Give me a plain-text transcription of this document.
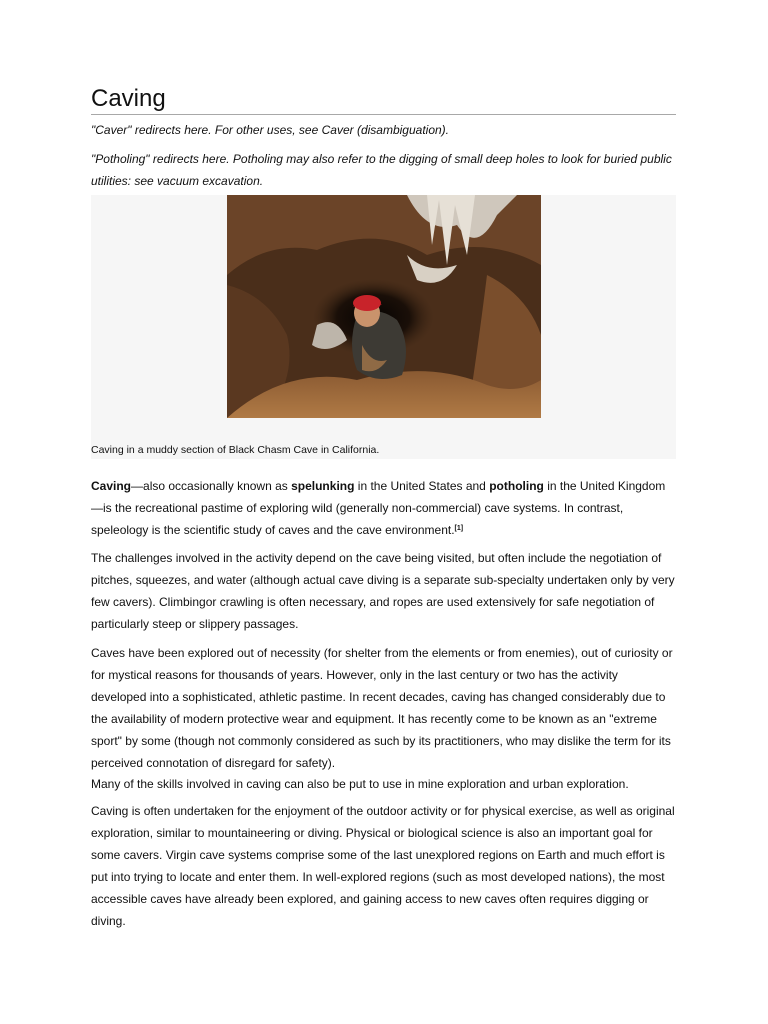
Caving

"Caver" redirects here. For other uses, see Caver (disambiguation).

"Potholing" redirects here. Potholing may also refer to the digging of small deep holes to look for buried public utilities: see vacuum excavation.

Caving in a muddy section of Black Chasm Cave in California.

Caving—also occasionally known as spelunking in the United States and potholing in the United Kingdom—is the recreational pastime of exploring wild (generally non-commercial) cave systems. In contrast, speleology is the scientific study of caves and the cave environment.[1]

The challenges involved in the activity depend on the cave being visited, but often include the negotiation of pitches, squeezes, and water (although actual cave diving is a separate sub-specialty undertaken only by very few cavers). Climbingor crawling is often necessary, and ropes are used extensively for safe negotiation of particularly steep or slippery passages.

Caves have been explored out of necessity (for shelter from the elements or from enemies), out of curiosity or for mystical reasons for thousands of years. However, only in the last century or two has the activity developed into a sophisticated, athletic pastime. In recent decades, caving has changed considerably due to the availability of modern protective wear and equipment. It has recently come to be known as an "extreme sport" by some (though not commonly considered as such by its practitioners, who may dislike the term for its perceived connotation of disregard for safety).

Many of the skills involved in caving can also be put to use in mine exploration and urban exploration.

Caving is often undertaken for the enjoyment of the outdoor activity or for physical exercise, as well as original exploration, similar to mountaineering or diving. Physical or biological science is also an important goal for some cavers. Virgin cave systems comprise some of the last unexplored regions on Earth and much effort is put into trying to locate and enter them. In well-explored regions (such as most developed nations), the most accessible caves have already been explored, and gaining access to new caves often requires digging or diving.
